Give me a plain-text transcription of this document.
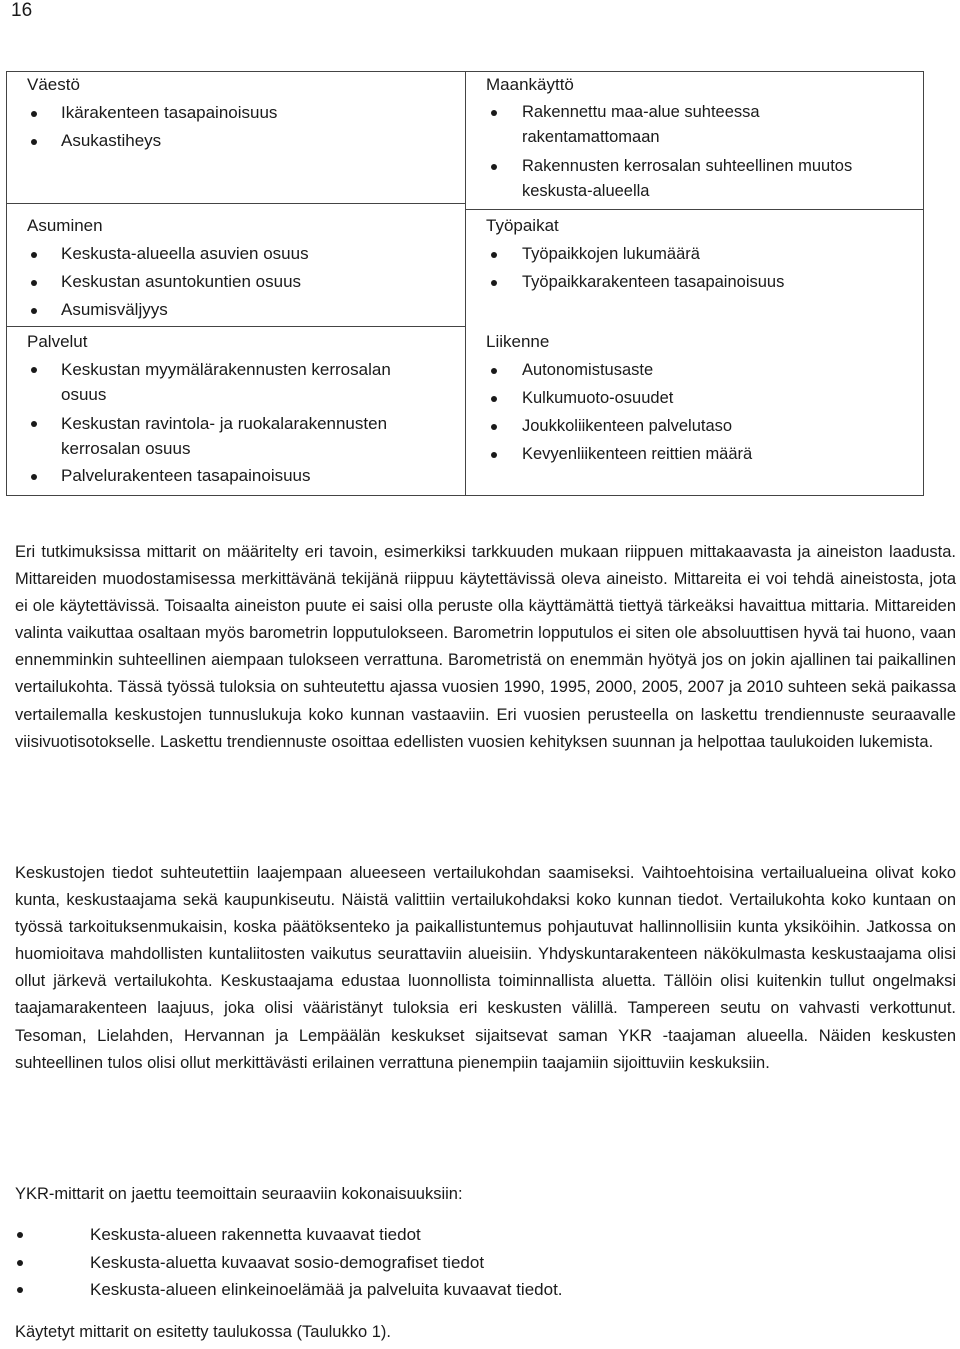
16

Väestö

Ikärakenteen tasapainoisuus
Asukastiheys

Asuminen

Keskusta-alueella asuvien osuus
Keskustan asuntokuntien osuus
Asumisväljyys

Palvelut

Keskustan myymälärakennusten kerrosalan
osuus
Keskustan ravintola- ja ruokalarakennusten
kerrosalan osuus
Palvelurakenteen tasapainoisuus

Maankäyttö

Rakennettu maa-alue suhteessa
rakentamattomaan
Rakennusten kerrosalan suhteellinen muutos
keskusta-alueella

Työpaikat

Työpaikkojen lukumäärä
Työpaikkarakenteen tasapainoisuus

Liikenne

Autonomistusaste
Kulkumuoto-osuudet
Joukkoliikenteen palvelutaso
Kevyenliikenteen reittien määrä

Eri tutkimuksissa mittarit on määritelty eri tavoin, esimerkiksi tarkkuuden mukaan riippuen mittakaavasta ja aineiston laadusta. Mittareiden muodostamisessa merkittävänä tekijänä riippuu käytettävissä oleva aineisto. Mittareita ei voi tehdä aineistosta, jota ei ole käytettävissä. Toisaalta aineiston puute ei saisi olla peruste olla käyttämättä tiettyä tärkeäksi havaittua mittaria. Mittareiden valinta vaikuttaa osaltaan myös barometrin lopputulokseen. Barometrin lopputulos ei siten ole absoluuttisen hyvä tai huono, vaan ennemminkin suhteellinen aiempaan tulokseen verrattuna. Barometristä on enemmän hyötyä jos on jokin ajallinen tai paikallinen vertailukohta. Tässä työssä tuloksia on suhteutettu ajassa vuosien 1990, 1995, 2000, 2005, 2007 ja 2010 suhteen sekä paikassa vertailemalla keskustojen tunnuslukuja koko kunnan vastaaviin. Eri vuosien perusteella on laskettu trendiennuste seuraavalle viisivuotisotokselle. Laskettu trendiennuste osoittaa edellisten vuosien kehityksen suunnan ja helpottaa taulukoiden lukemista.

Keskustojen tiedot suhteutettiin laajempaan alueeseen vertailukohdan saamiseksi. Vaihtoehtoisina vertailualueina olivat koko kunta, keskustaajama sekä kaupunkiseutu. Näistä valittiin vertailukohdaksi koko kunnan tiedot. Vertailukohta koko kuntaan on työssä tarkoituksenmukaisin, koska päätöksenteko ja paikallistuntemus pohjautuvat hallinnollisiin kunta yksiköihin. Jatkossa on huomioitava mahdollisten kuntaliitosten vaikutus seurattaviin alueisiin. Yhdyskuntarakenteen näkökulmasta keskustaajama olisi ollut järkevä vertailukohta. Keskustaajama edustaa luonnollista toiminnallista aluetta. Tällöin olisi kuitenkin tullut ongelmaksi taajamarakenteen laajuus, joka olisi vääristänyt tuloksia eri keskusten välillä. Tampereen seutu on vahvasti verkottunut. Tesoman, Lielahden, Hervannan ja Lempäälän keskukset sijaitsevat saman YKR -taajaman alueella. Näiden keskusten suhteellinen tulos olisi ollut merkittävästi erilainen verrattuna pienempiin taajamiin sijoittuviin keskuksiin.

YKR-mittarit on jaettu teemoittain seuraaviin kokonaisuuksiin:

Keskusta-alueen rakennetta kuvaavat tiedot
Keskusta-aluetta kuvaavat sosio-demografiset tiedot
Keskusta-alueen elinkeinoelämää ja palveluita kuvaavat tiedot.

Käytetyt mittarit on esitetty taulukossa (Taulukko 1).
